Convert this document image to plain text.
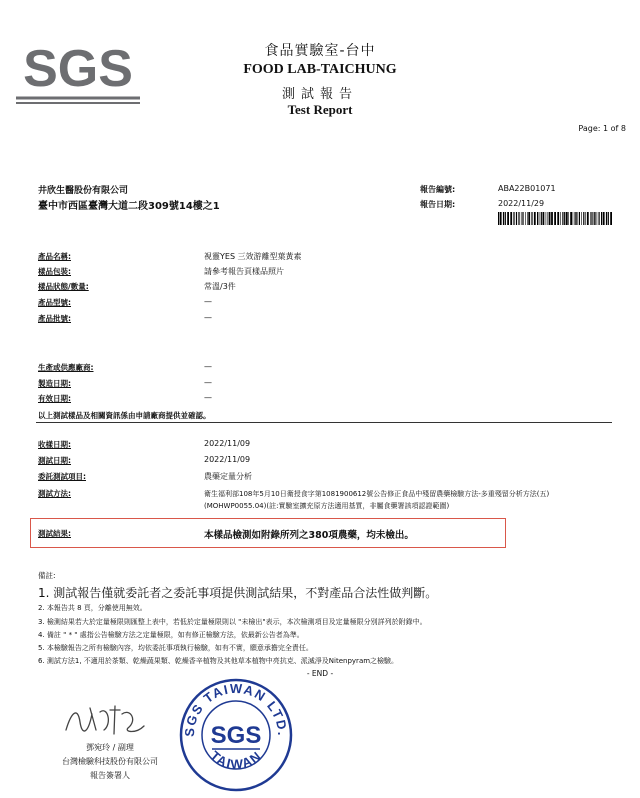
SGS	食品實驗室-台中
FOOD LAB-TAICHUNG
測試報告
Test Report
Page: 1 of 8
井欣生醫股份有限公司
臺中市西區臺灣大道二段309號14樓之1
報告編號:	ABA22B01071
報告日期:	2022/11/29
產品名稱:	視靈YES 三效游離型葉黃素
樣品包裝:	請參考報告頁樣品照片
樣品狀態/數量:	常溫/3件
產品型號:	—
產品批號:	—
生產或供應廠商:	—
製造日期:	—
有效日期:	—
以上測試樣品及相關資訊係由申請廠商提供並確認。
收樣日期:	2022/11/09
測試日期:	2022/11/09
委託測試項目:	農藥定量分析
測試方法:	衛生福利部108年5月10日衛授食字第1081900612號公告修正食品中殘留農藥檢驗方法-多重殘留分析方法(五)(MOHWP0055.04)(註:實驗室擴充原方法適用基質，非屬食藥署該項認證範圍)
測試結果:	本樣品檢測如附錄所列之380項農藥，均未檢出。
備註:
1. 測試報告僅就委託者之委託事項提供測試結果，不對產品合法性做判斷。
2. 本報告共 8 頁，分離使用無效。
3. 檢測結果若大於定量極限則匯整上表中，若低於定量極限則以 "未檢出"表示，本次檢測項目及定量極限分別詳列於附錄中。
4. 備註 " * " 處指公告檢驗方法之定量極限，如有修正檢驗方法，依最新公告者為準。
5. 本檢驗報告之所有檢驗內容，均依委託事項執行檢驗，如有不實，願意承擔完全責任。
6. 測試方法1, 不適用於茶類、乾燥蔬果類、乾燥香辛植物及其他草本植物中亮抗克、派滅淨及Nitenpyram之檢驗。
- END -
鄧宛玲 / 副理
台灣檢驗科技股份有限公司
報告簽署人
SGS TAIWAN LTD.
SGS
TAIWAN
